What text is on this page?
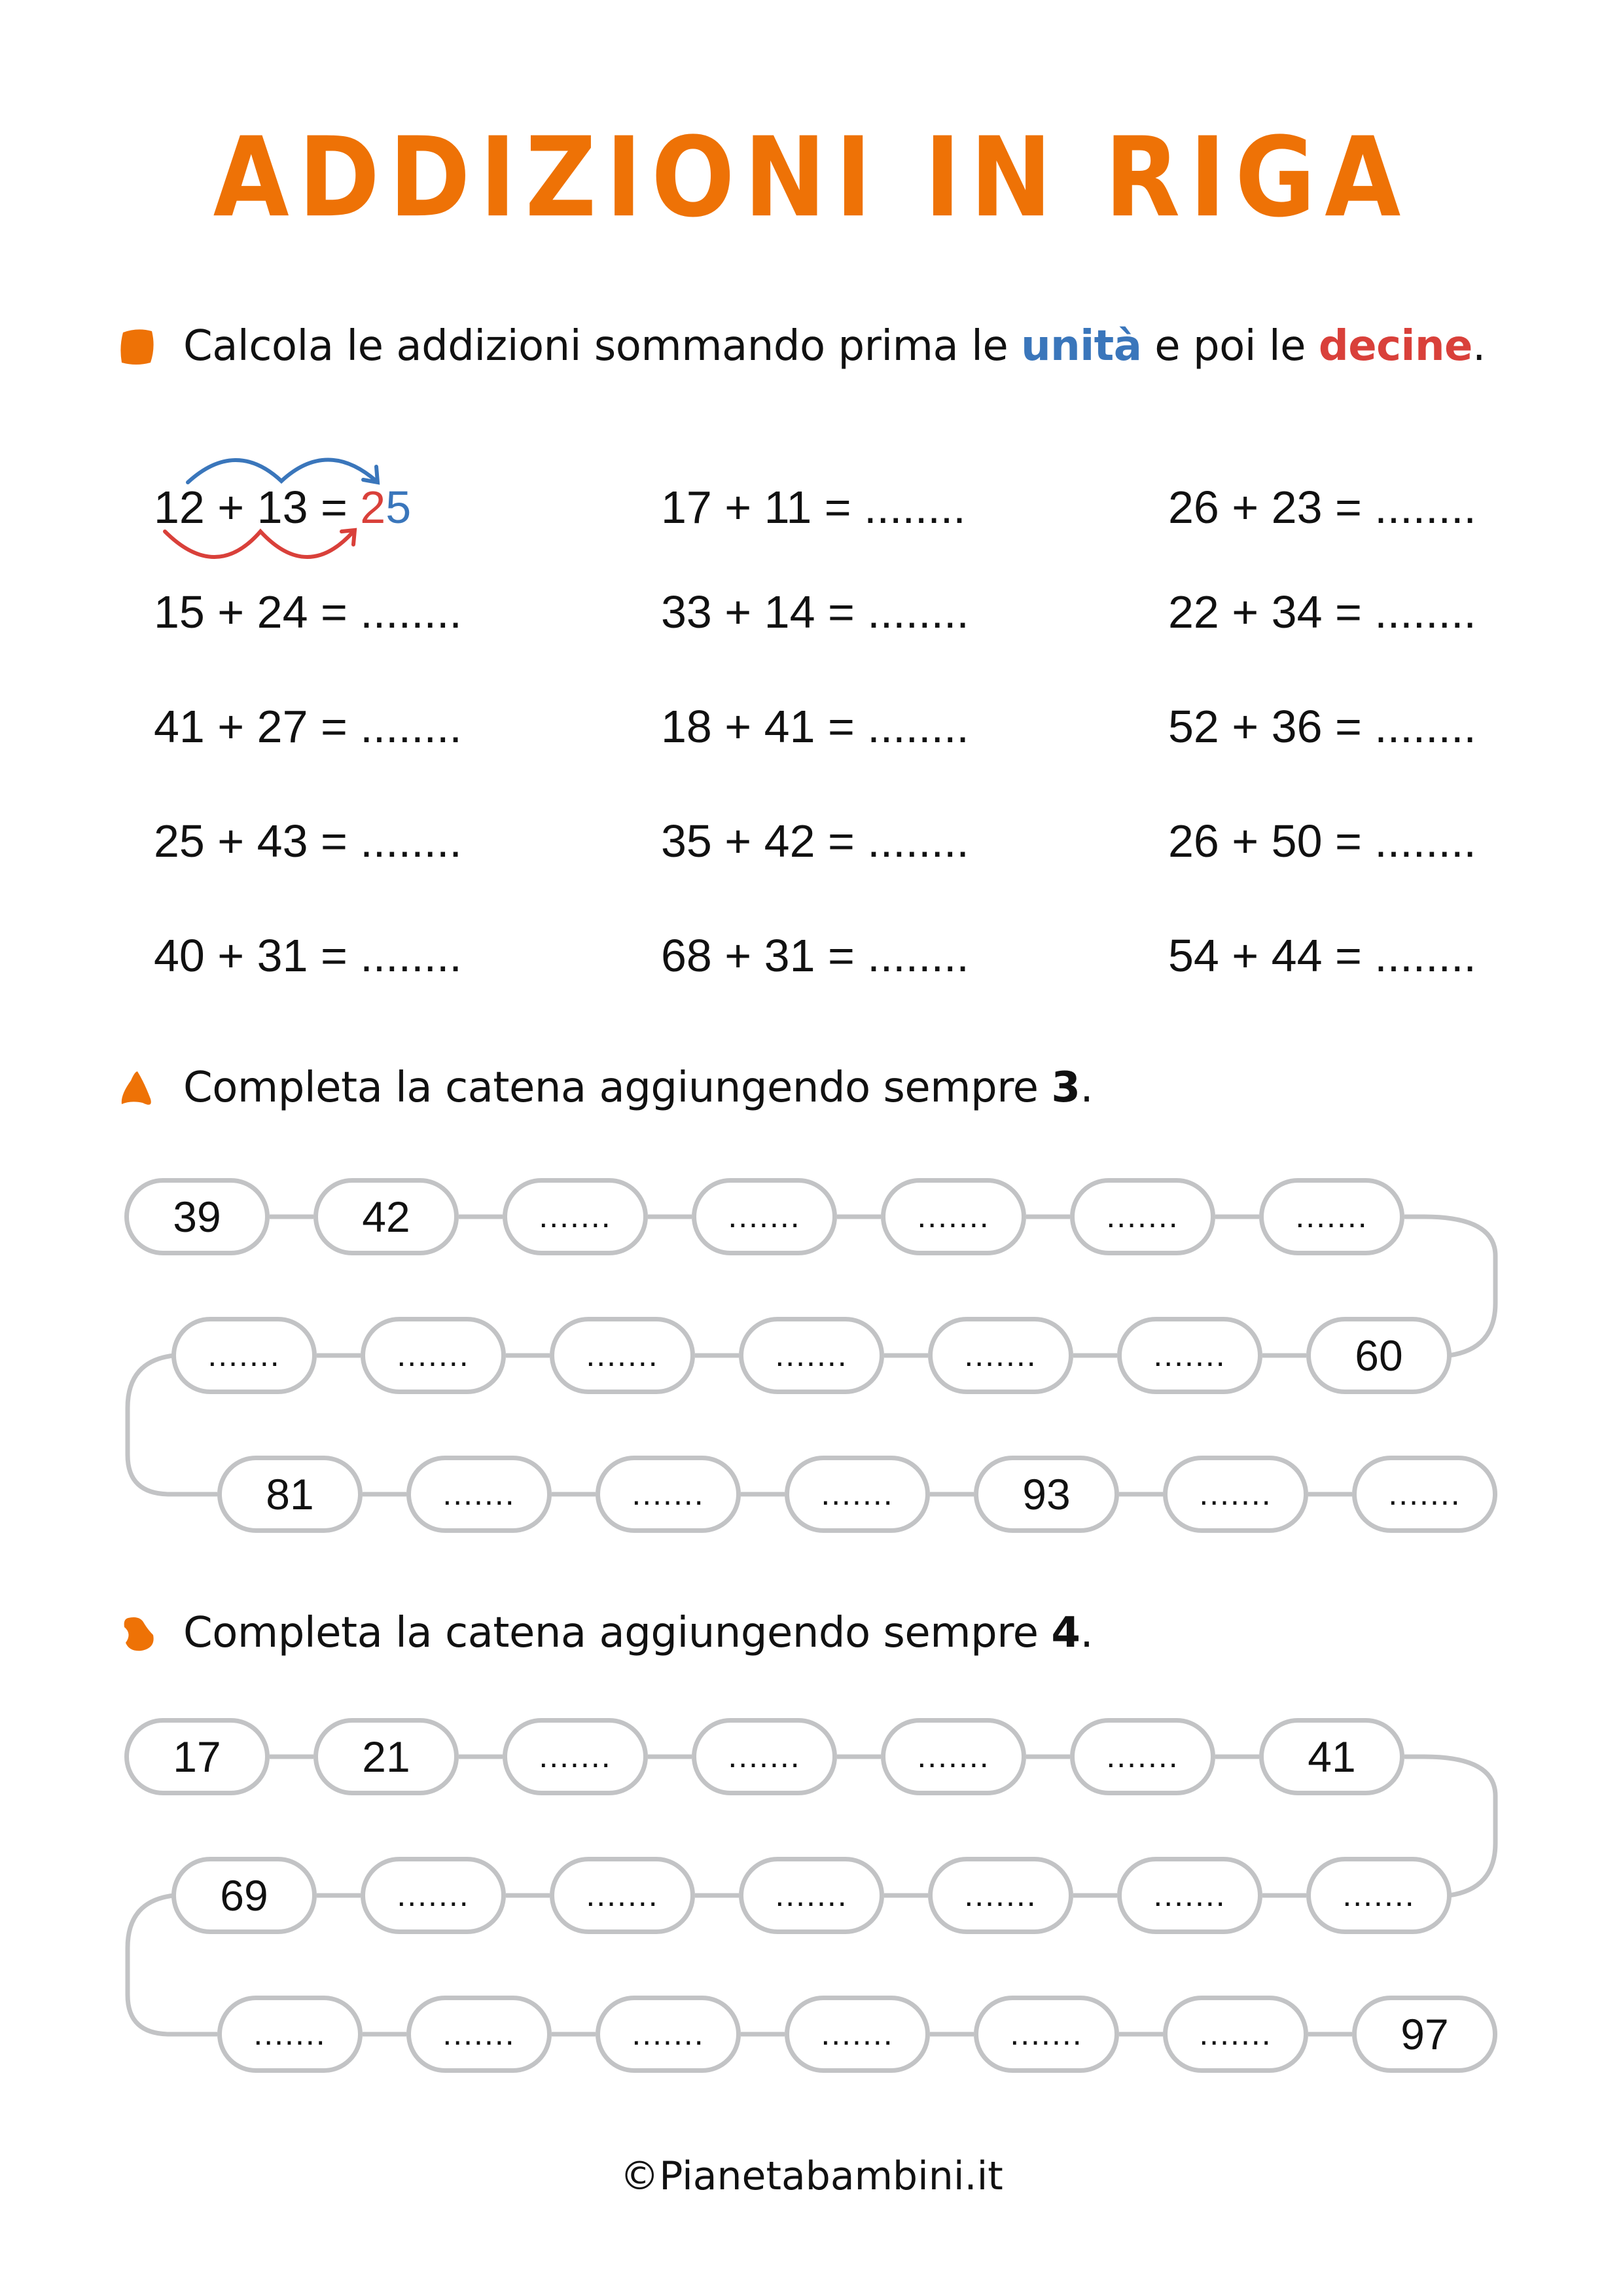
ADDIZIONI IN RIGA
Calcola le addizioni sommando prima le unità e poi le decine.
12 + 13 = 25
15 + 24 = ........
41 + 27 = ........
25 + 43 = ........
40 + 31 = ........
17 + 11 = ........
33 + 14 = ........
18 + 41 = ........
35 + 42 = ........
68 + 31 = ........
26 + 23 = ........
22 + 34 = ........
52 + 36 = ........
26 + 50 = ........
54 + 44 = ........
Completa la catena aggiungendo sempre 3.
39	42	.......	.......	.......	.......	.......
.......	.......	.......	.......	.......	.......	60
81	.......	.......	.......	93	.......	.......
Completa la catena aggiungendo sempre 4.
17	21	.......	.......	.......	.......	41
69	.......	.......	.......	.......	.......	.......
.......	.......	.......	.......	.......	.......	97
©Pianetabambini.it
